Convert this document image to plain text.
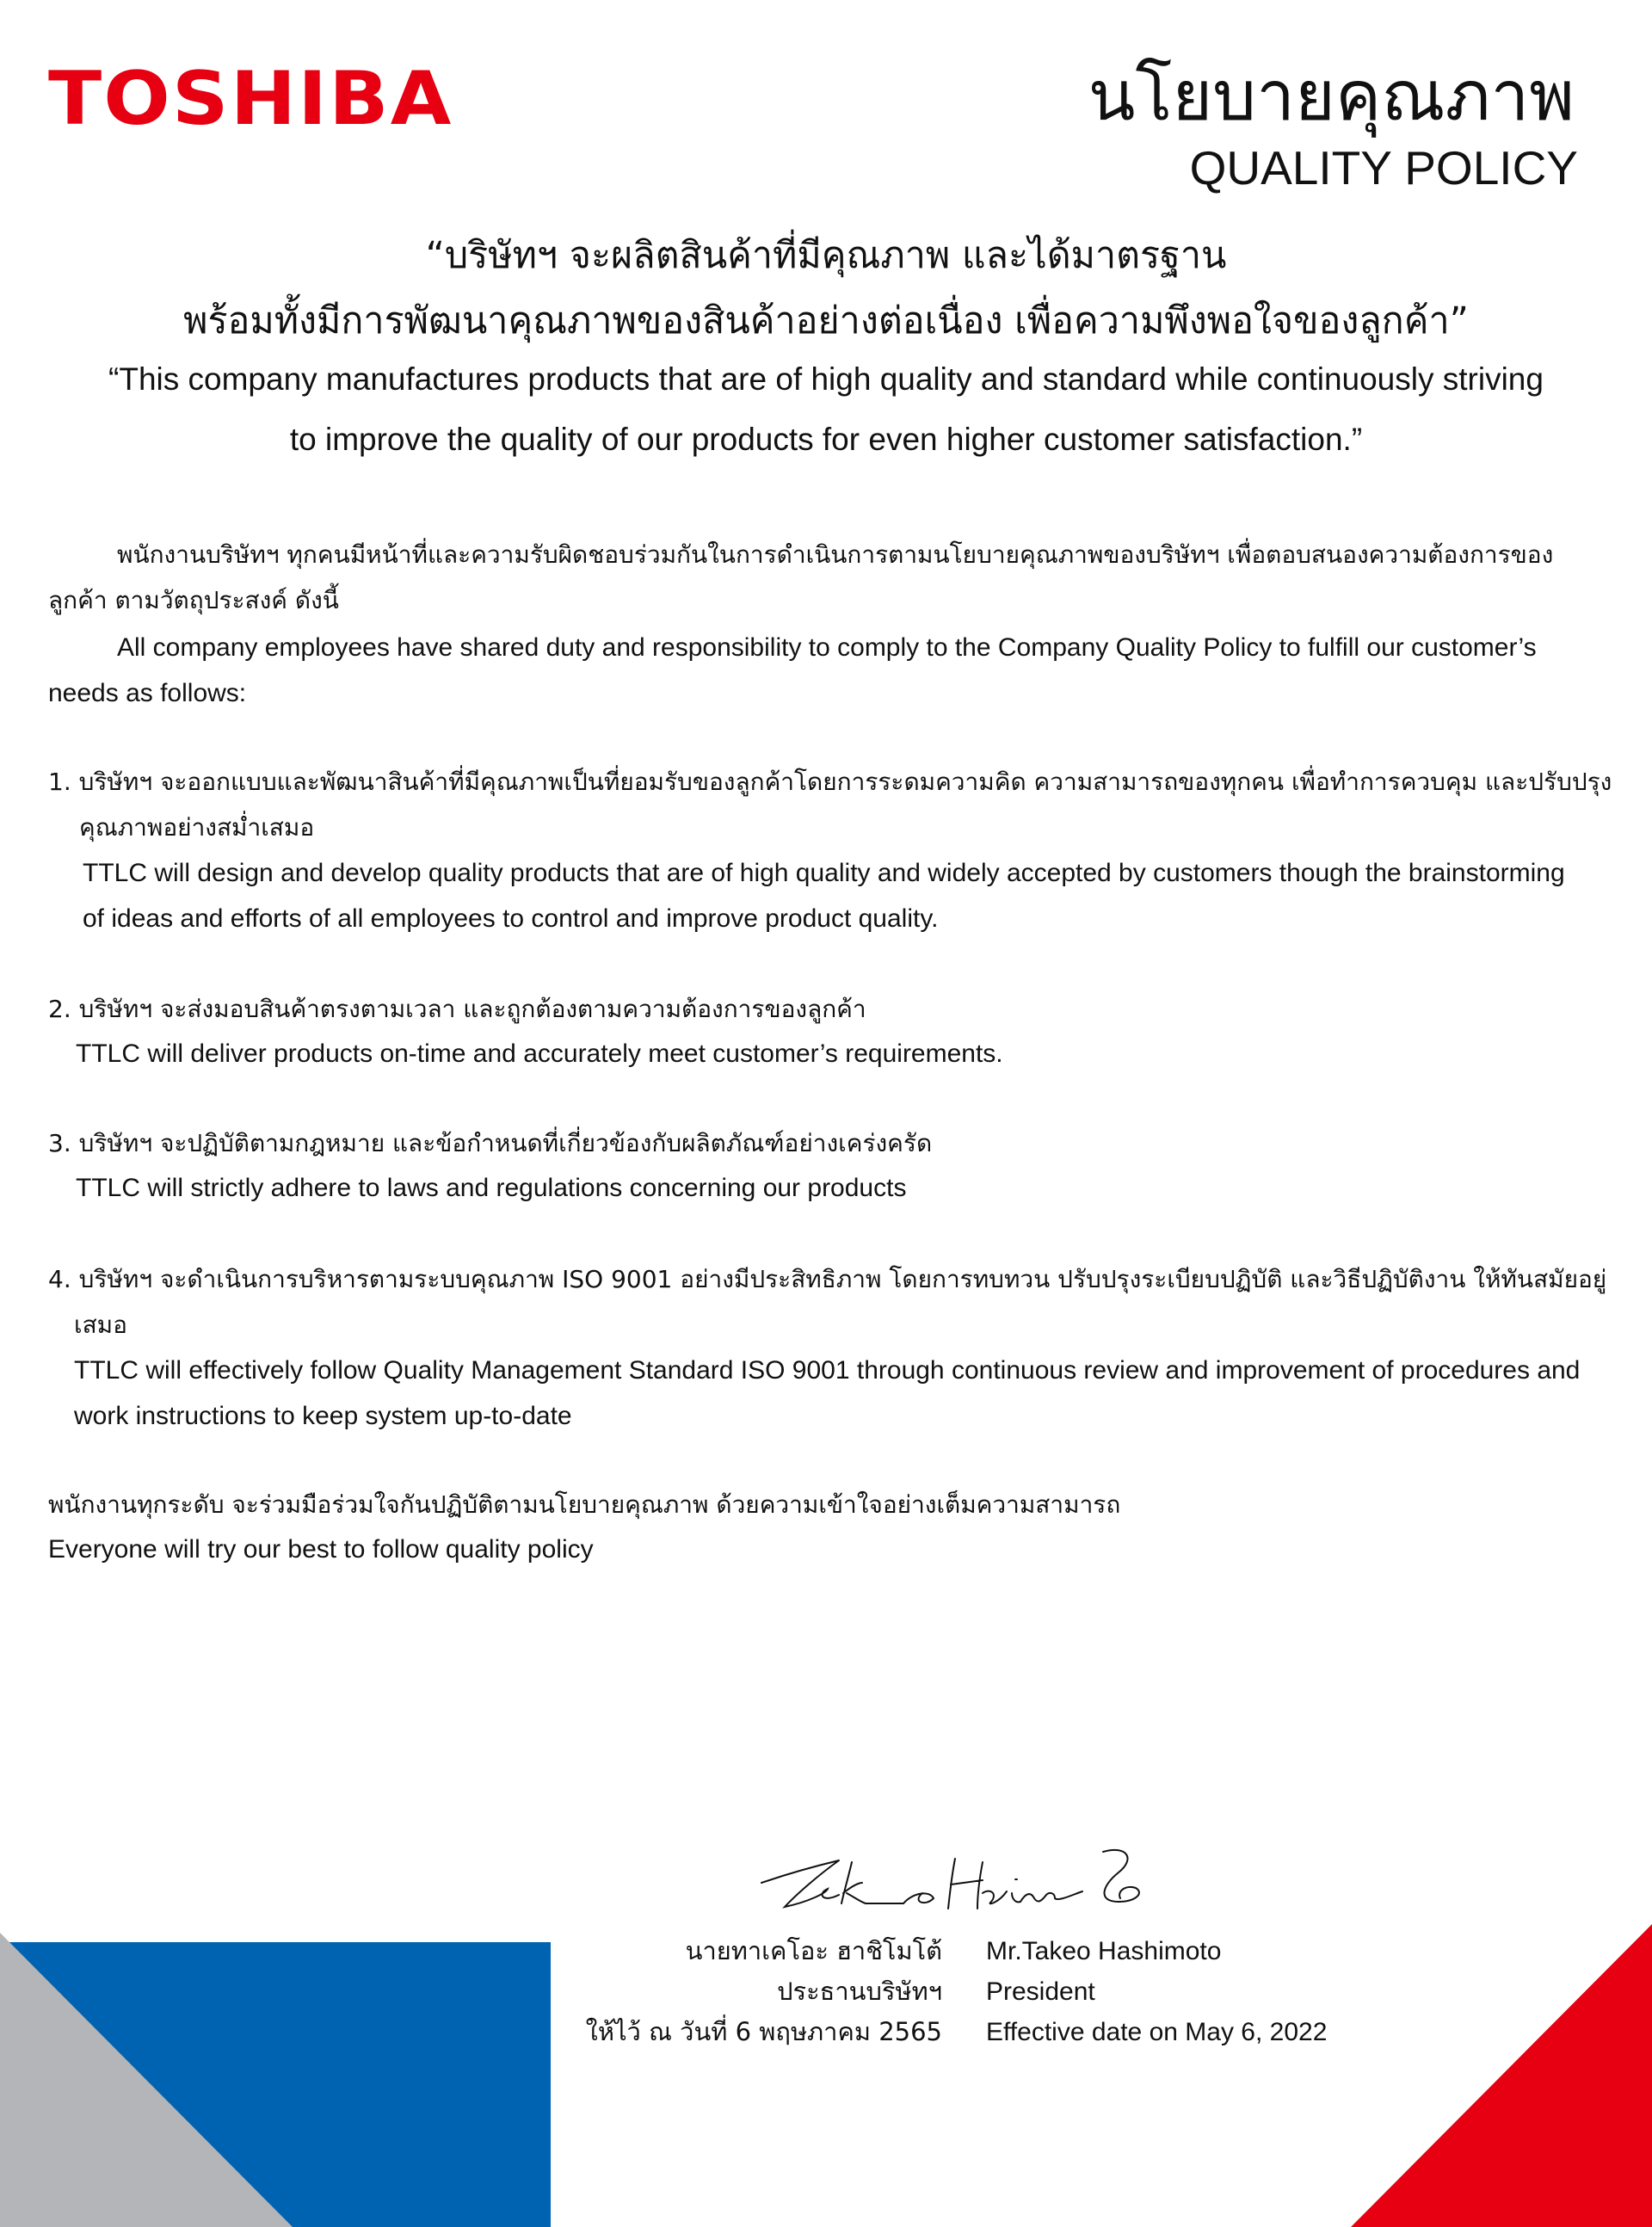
TOSHIBA	นโยบายคุณภาพ
QUALITY POLICY
“บริษัทฯ จะผลิตสินค้าที่มีคุณภาพ และได้มาตรฐาน
พร้อมทั้งมีการพัฒนาคุณภาพของสินค้าอย่างต่อเนื่อง เพื่อความพึงพอใจของลูกค้า”
“This company manufactures products that are of high quality and standard while continuously striving
to improve the quality of our products for even higher customer satisfaction.”
พนักงานบริษัทฯ ทุกคนมีหน้าที่และความรับผิดชอบร่วมกันในการดำเนินการตามนโยบายคุณภาพของบริษัทฯ เพื่อตอบสนองความต้องการของลูกค้า ตามวัตถุประสงค์ ดังนี้
All company employees have shared duty and responsibility to comply to the Company Quality Policy to fulfill our customer’s needs as follows:
1. บริษัทฯ จะออกแบบและพัฒนาสินค้าที่มีคุณภาพเป็นที่ยอมรับของลูกค้าโดยการระดมความคิด ความสามารถของทุกคน เพื่อทำการควบคุม และปรับปรุงคุณภาพอย่างสม่ำเสมอ
TTLC will design and develop quality products that are of high quality and widely accepted by customers though the brainstorming of ideas and efforts of all employees to control and improve product quality.
2. บริษัทฯ จะส่งมอบสินค้าตรงตามเวลา และถูกต้องตามความต้องการของลูกค้า
TTLC will deliver products on-time and accurately meet customer’s requirements.
3. บริษัทฯ จะปฏิบัติตามกฎหมาย และข้อกำหนดที่เกี่ยวข้องกับผลิตภัณฑ์อย่างเคร่งครัด
TTLC will strictly adhere to laws and regulations concerning our products
4. บริษัทฯ จะดำเนินการบริหารตามระบบคุณภาพ ISO 9001 อย่างมีประสิทธิภาพ โดยการทบทวน ปรับปรุงระเบียบปฏิบัติ และวิธีปฏิบัติงาน ให้ทันสมัยอยู่เสมอ
TTLC will effectively follow Quality Management Standard ISO 9001 through continuous review and improvement of procedures and work instructions to keep system up-to-date
พนักงานทุกระดับ จะร่วมมือร่วมใจกันปฏิบัติตามนโยบายคุณภาพ ด้วยความเข้าใจอย่างเต็มความสามารถ
Everyone will try our best to follow quality policy
นายทาเคโอะ ฮาชิโมโต้
ประธานบริษัทฯ
ให้ไว้ ณ วันที่ 6 พฤษภาคม 2565
Mr.Takeo Hashimoto
President
Effective date on May 6, 2022
